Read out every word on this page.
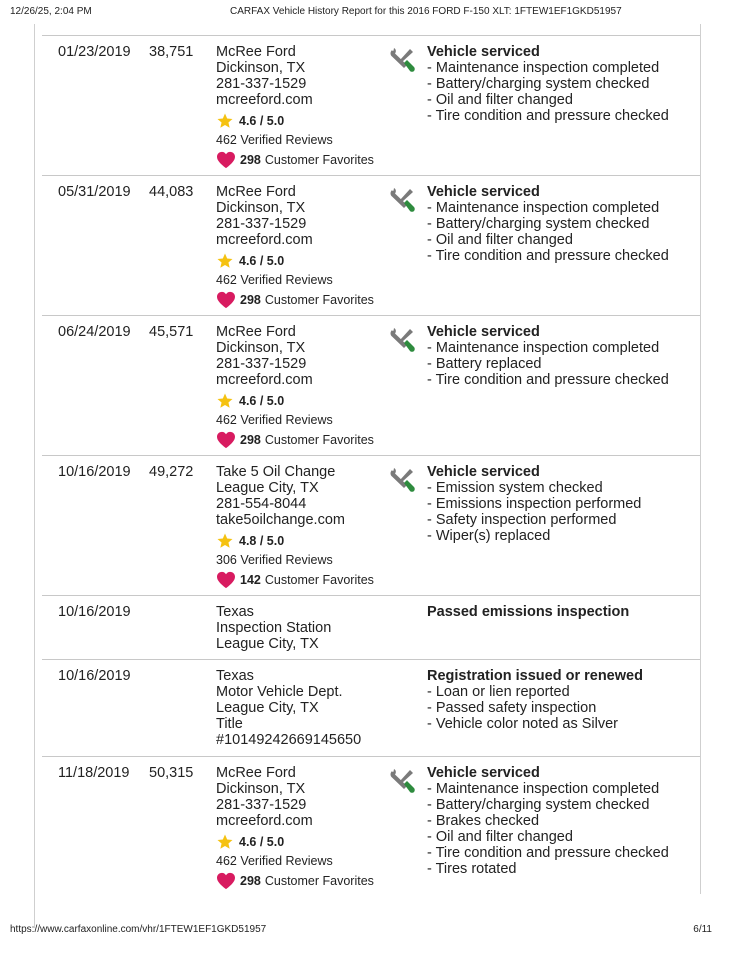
12/26/25, 2:04 PM	CARFAX Vehicle History Report for this 2016 FORD F-150 XLT: 1FTEW1EF1GKD51957
01/23/2019 38,751 McRee Ford
Dickinson, TX
281-337-1529
mcreeford.com
4.6 / 5.0
462 Verified Reviews
298 Customer Favorites
Vehicle serviced
- Maintenance inspection completed
- Battery/charging system checked
- Oil and filter changed
- Tire condition and pressure checked
05/31/2019 44,083 McRee Ford
Dickinson, TX
281-337-1529
mcreeford.com
4.6 / 5.0
462 Verified Reviews
298 Customer Favorites
Vehicle serviced
- Maintenance inspection completed
- Battery/charging system checked
- Oil and filter changed
- Tire condition and pressure checked
06/24/2019 45,571 McRee Ford
Dickinson, TX
281-337-1529
mcreeford.com
4.6 / 5.0
462 Verified Reviews
298 Customer Favorites
Vehicle serviced
- Maintenance inspection completed
- Battery replaced
- Tire condition and pressure checked
10/16/2019 49,272 Take 5 Oil Change
League City, TX
281-554-8044
take5oilchange.com
4.8 / 5.0
306 Verified Reviews
142 Customer Favorites
Vehicle serviced
- Emission system checked
- Emissions inspection performed
- Safety inspection performed
- Wiper(s) replaced
10/16/2019	Texas
Inspection Station
League City, TX
Passed emissions inspection
10/16/2019	Texas
Motor Vehicle Dept.
League City, TX
Title
#10149242669145650
Registration issued or renewed
- Loan or lien reported
- Passed safety inspection
- Vehicle color noted as Silver
11/18/2019 50,315 McRee Ford
Dickinson, TX
281-337-1529
mcreeford.com
4.6 / 5.0
462 Verified Reviews
298 Customer Favorites
Vehicle serviced
- Maintenance inspection completed
- Battery/charging system checked
- Brakes checked
- Oil and filter changed
- Tire condition and pressure checked
- Tires rotated
https://www.carfaxonline.com/vhr/1FTEW1EF1GKD51957	6/11
